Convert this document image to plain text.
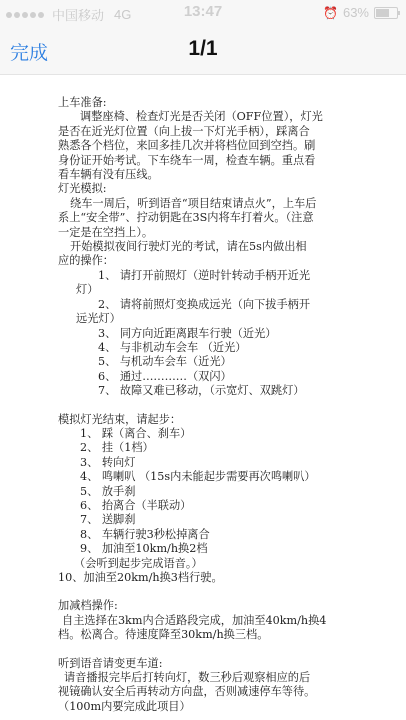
中国移动 4G	13:47	⏰ 63%
完成	1/1

上车准备:

调整座椅、检查灯光是否关闭（OFF位置），灯光

是否在近光灯位置（向上拔一下灯光手柄），踩离合

熟悉各个档位，来回多挂几次并将档位回到空挡。刷

身份证开始考试。下车绕车一周，检查车辆。重点看

看车辆有没有压线。

灯光模拟:

绕车一周后，听到语音“项目结束请点火”，上车后

系上“安全带”、拧动钥匙在3S内将车打着火。（注意

一定是在空挡上）。

开始模拟夜间行驶灯光的考试，请在5s内做出相

应的操作：

1、 请打开前照灯（逆时针转动手柄开近光

灯）

2、 请将前照灯变换成远光（向下拔手柄开

远光灯）

3、 同方向近距离跟车行驶（近光）

4、 与非机动车会车 （近光）

5、 与机动车会车（近光）

6、 通过…………（双闪）

7、 故障又难已移动，（示宽灯、双跳灯）

模拟灯光结束，请起步：

1、 踩（离合、刹车）

2、 挂（1档）

3、 转向灯

4、 鸣喇叭 （15s内未能起步需要再次鸣喇叭）

5、 放手刹

6、 抬离合（半联动）

7、 送脚刹

8、 车辆行驶3秒松掉离合

9、 加油至10km/h换2档

（会听到起步完成语音。）

10、加油至20km/h换3档行驶。

加减档操作:

自主选择在3km内合适路段完成，加油至40km/h换4

档。松离合。待速度降至30km/h换三档。

听到语音请变更车道:

请音播报完毕后打转向灯，数三秒后观察相应的后

视镜确认安全后再转动方向盘，否则减速停车等待。

（100m内要完成此项目）
